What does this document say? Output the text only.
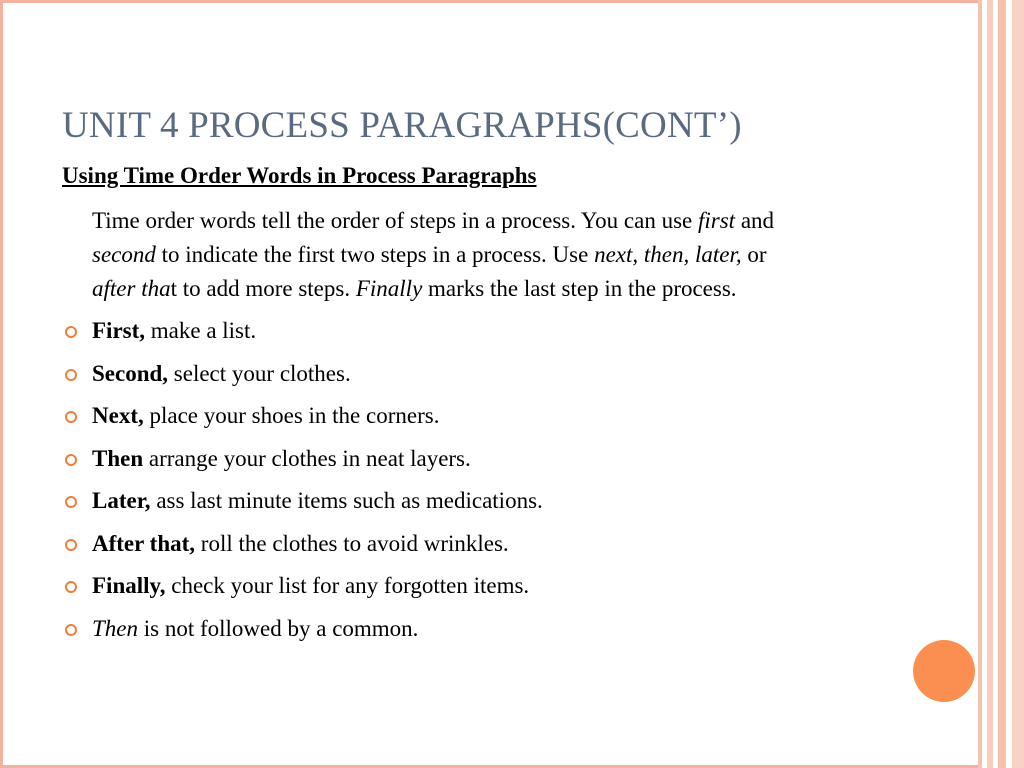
UNIT 4 PROCESS PARAGRAPHS(CONT’)
Using Time Order Words in Process Paragraphs
Time order words tell the order of steps in a process. You can use first and
second to indicate the first two steps in a process. Use next, then, later, or
after that to add more steps. Finally marks the last step in the process.
First, make a list.
Second, select your clothes.
Next, place your shoes in the corners.
Then arrange your clothes in neat layers.
Later, ass last minute items such as medications.
After that, roll the clothes to avoid wrinkles.
Finally, check your list for any forgotten items.
Then is not followed by a common.
